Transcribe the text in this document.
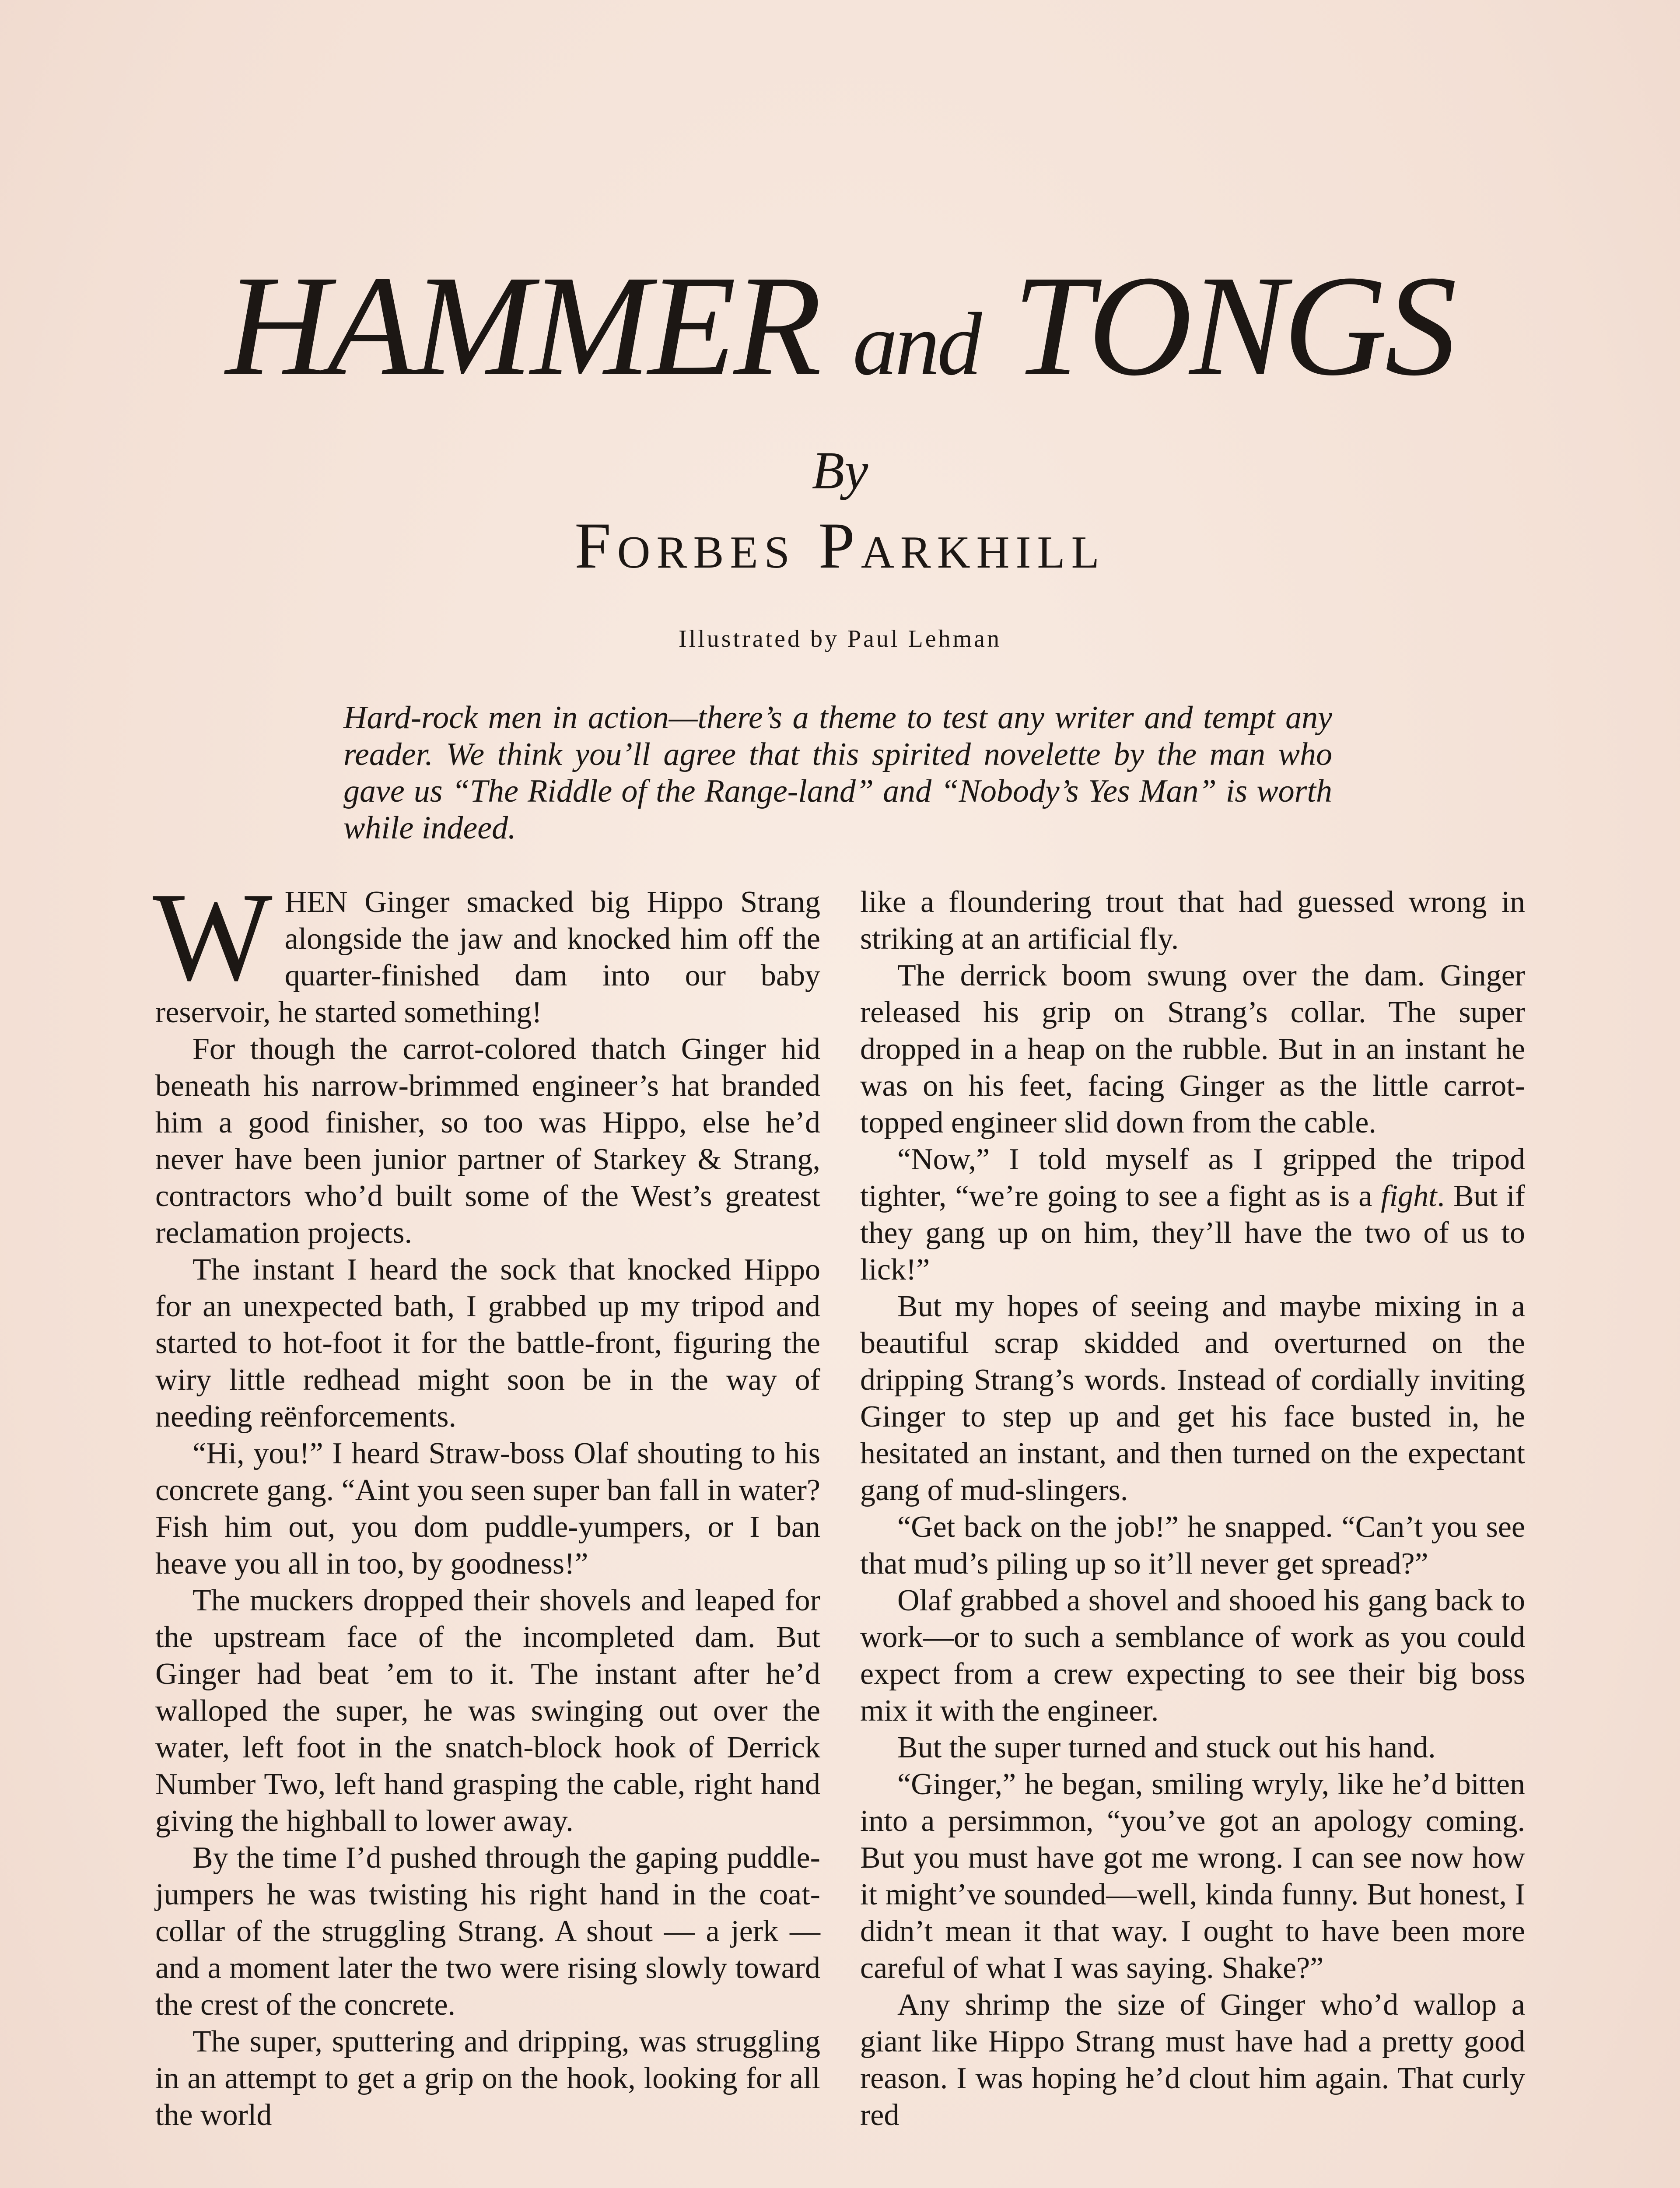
HAMMER and TONGS
By
Forbes Parkhill
Illustrated by Paul Lehman

Hard-rock men in action—there’s a theme to test any writer and tempt any reader. We think you’ll agree that this spirited novelette by the man who gave us “The Riddle of the Range-land” and “Nobody’s Yes Man” is worth while indeed.

WHEN Ginger smacked big Hippo Strang alongside the jaw and knocked him off the quarter-finished dam into our baby reservoir, he started something!

For though the carrot-colored thatch Ginger hid beneath his narrow-brimmed engineer’s hat branded him a good finisher, so too was Hippo, else he’d never have been junior partner of Starkey & Strang, contractors who’d built some of the West’s greatest reclamation projects.

The instant I heard the sock that knocked Hippo for an unexpected bath, I grabbed up my tripod and started to hot-foot it for the battle-front, figuring the wiry little redhead might soon be in the way of needing reënforcements.

“Hi, you!” I heard Straw-boss Olaf shouting to his concrete gang. “Aint you seen super ban fall in water? Fish him out, you dom puddle-yumpers, or I ban heave you all in too, by goodness!”

The muckers dropped their shovels and leaped for the upstream face of the incompleted dam. But Ginger had beat ’em to it. The instant after he’d walloped the super, he was swinging out over the water, left foot in the snatch-block hook of Derrick Number Two, left hand grasping the cable, right hand giving the highball to lower away.

By the time I’d pushed through the gaping puddle-jumpers he was twisting his right hand in the coat-collar of the struggling Strang. A shout — a jerk — and a moment later the two were rising slowly toward the crest of the concrete.

The super, sputtering and dripping, was struggling in an attempt to get a grip on the hook, looking for all the world

like a floundering trout that had guessed wrong in striking at an artificial fly.

The derrick boom swung over the dam. Ginger released his grip on Strang’s collar. The super dropped in a heap on the rubble. But in an instant he was on his feet, facing Ginger as the little carrot-topped engineer slid down from the cable.

“Now,” I told myself as I gripped the tripod tighter, “we’re going to see a fight as is a fight. But if they gang up on him, they’ll have the two of us to lick!”

But my hopes of seeing and maybe mixing in a beautiful scrap skidded and overturned on the dripping Strang’s words. Instead of cordially inviting Ginger to step up and get his face busted in, he hesitated an instant, and then turned on the expectant gang of mud-slingers.

“Get back on the job!” he snapped. “Can’t you see that mud’s piling up so it’ll never get spread?”

Olaf grabbed a shovel and shooed his gang back to work—or to such a semblance of work as you could expect from a crew expecting to see their big boss mix it with the engineer.

But the super turned and stuck out his hand.

“Ginger,” he began, smiling wryly, like he’d bitten into a persimmon, “you’ve got an apology coming. But you must have got me wrong. I can see now how it might’ve sounded—well, kinda funny. But honest, I didn’t mean it that way. I ought to have been more careful of what I was saying. Shake?”

Any shrimp the size of Ginger who’d wallop a giant like Hippo Strang must have had a pretty good reason. I was hoping he’d clout him again. That curly red
